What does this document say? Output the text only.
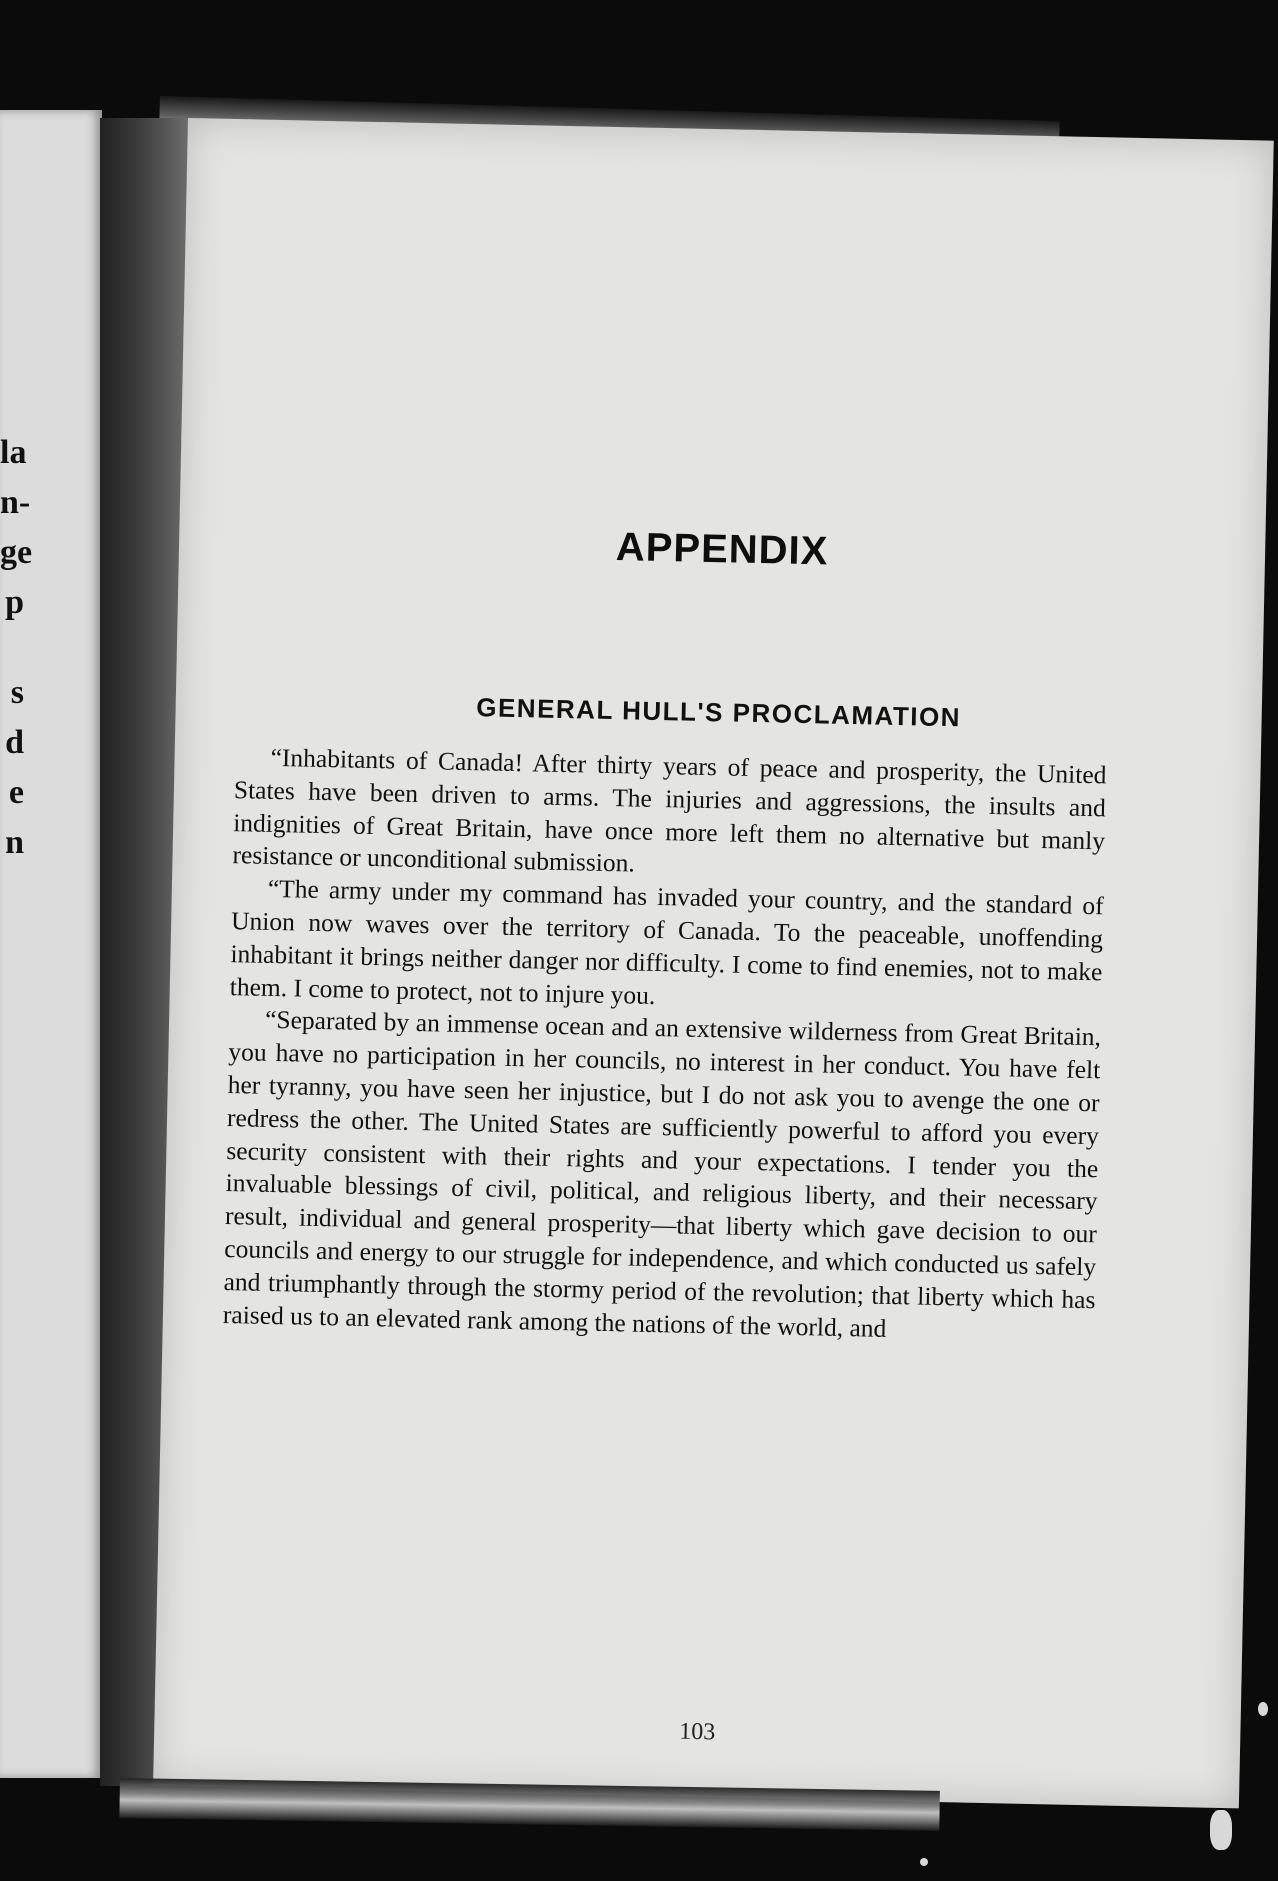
la
n-
ge
p
s
d
e
n
APPENDIX
GENERAL HULL'S PROCLAMATION

“Inhabitants of Canada! After thirty years of peace and prosperity, the United States have been driven to arms. The injuries and aggressions, the insults and indignities of Great Britain, have once more left them no alternative but manly resistance or unconditional submission.

“The army under my command has invaded your country, and the standard of Union now waves over the territory of Canada. To the peaceable, unoffending inhabitant it brings neither danger nor difficulty. I come to find enemies, not to make them. I come to protect, not to injure you.

“Separated by an immense ocean and an extensive wilderness from Great Britain, you have no participation in her councils, no interest in her conduct. You have felt her tyranny, you have seen her injustice, but I do not ask you to avenge the one or redress the other. The United States are sufficiently powerful to afford you every security consistent with their rights and your expectations. I tender you the invaluable blessings of civil, political, and religious liberty, and their necessary result, individual and general prosperity—that liberty which gave decision to our councils and energy to our struggle for independence, and which conducted us safely and triumphantly through the stormy period of the revolution; that liberty which has raised us to an elevated rank among the nations of the world, and

103
